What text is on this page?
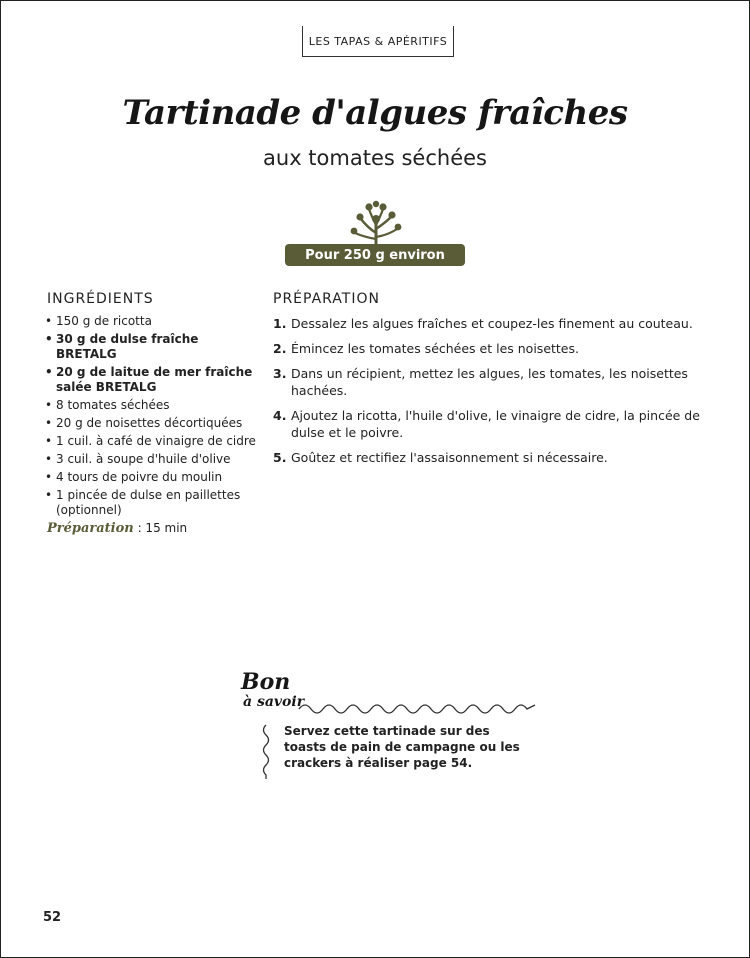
LES TAPAS & APÉRITIFS
Tartinade d'algues fraîches
aux tomates séchées
Pour 250 g environ
INGRÉDIENTS
• 150 g de ricotta
• 30 g de dulse fraîche BRETALG
• 20 g de laitue de mer fraîche salée BRETALG
• 8 tomates séchées
• 20 g de noisettes décortiquées
• 1 cuil. à café de vinaigre de cidre
• 3 cuil. à soupe d'huile d'olive
• 4 tours de poivre du moulin
• 1 pincée de dulse en paillettes (optionnel)
Préparation : 15 min
PRÉPARATION
1. Dessalez les algues fraîches et coupez-les finement au couteau.
2. Émincez les tomates séchées et les noisettes.
3. Dans un récipient, mettez les algues, les tomates, les noisettes hachées.
4. Ajoutez la ricotta, l'huile d'olive, le vinaigre de cidre, la pincée de dulse et le poivre.
5. Goûtez et rectifiez l'assaisonnement si nécessaire.
Bon
à savoir
Servez cette tartinade sur des toasts de pain de campagne ou les crackers à réaliser page 54.
52
